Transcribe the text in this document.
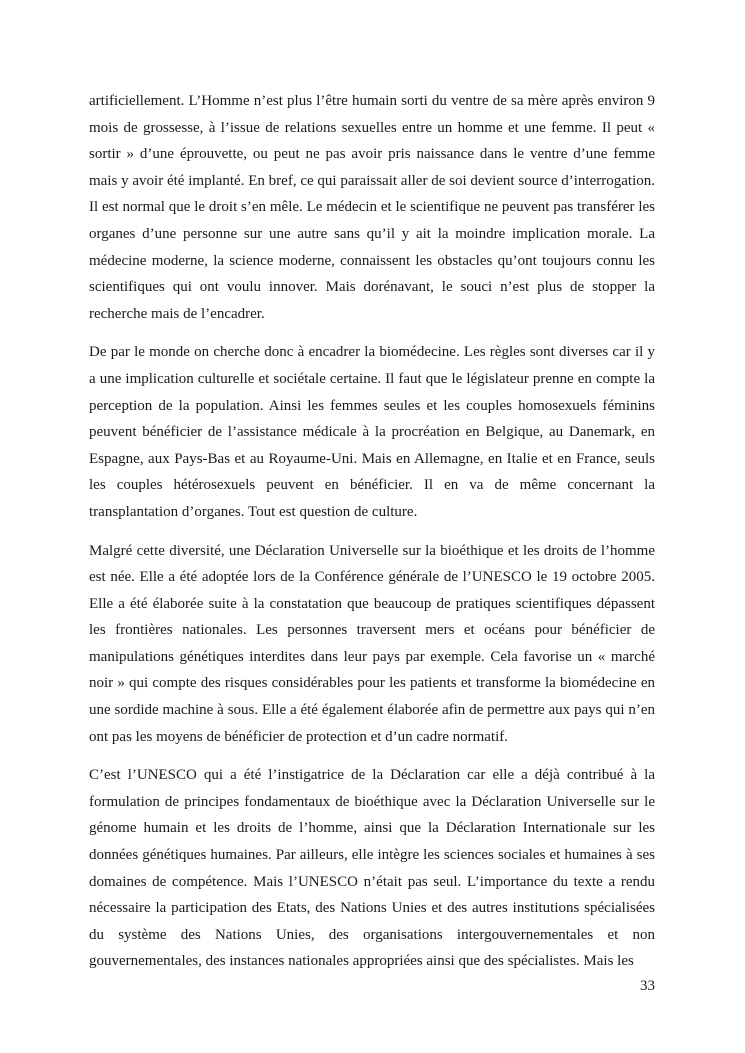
artificiellement. L’Homme n’est plus l’être humain sorti du ventre de sa mère après environ 9 mois de grossesse, à l’issue de relations sexuelles entre un homme et une femme. Il peut « sortir » d’une éprouvette, ou peut ne pas avoir pris naissance dans le ventre d’une femme mais y avoir été implanté. En bref, ce qui paraissait aller de soi devient source d’interrogation. Il est normal que le droit s’en mêle. Le médecin et le scientifique ne peuvent pas transférer les organes d’une personne sur une autre sans qu’il y ait la moindre implication morale. La médecine moderne, la science moderne, connaissent les obstacles qu’ont toujours connu les scientifiques qui ont voulu innover. Mais dorénavant, le souci n’est plus de stopper la recherche mais de l’encadrer.

De par le monde on cherche donc à encadrer la biomédecine. Les règles sont diverses car il y a une implication culturelle et sociétale certaine. Il faut que le législateur prenne en compte la perception de la population. Ainsi les femmes seules et les couples homosexuels féminins peuvent bénéficier de l’assistance médicale à la procréation en Belgique, au Danemark, en Espagne, aux Pays-Bas et au Royaume-Uni. Mais en Allemagne, en Italie et en France, seuls les couples hétérosexuels peuvent en bénéficier. Il en va de même concernant la transplantation d’organes. Tout est question de culture.

Malgré cette diversité, une Déclaration Universelle sur la bioéthique et les droits de l’homme est née. Elle a été adoptée lors de la Conférence générale de l’UNESCO le 19 octobre 2005. Elle a été élaborée suite à la constatation que beaucoup de pratiques scientifiques dépassent les frontières nationales. Les personnes traversent mers et océans pour bénéficier de manipulations génétiques interdites dans leur pays par exemple. Cela favorise un « marché noir » qui compte des risques considérables pour les patients et transforme la biomédecine en une sordide machine à sous. Elle a été également élaborée afin de permettre aux pays qui n’en ont pas les moyens de bénéficier de protection et d’un cadre normatif.

C’est l’UNESCO qui a été l’instigatrice de la Déclaration car elle a déjà contribué à la formulation de principes fondamentaux de bioéthique avec la Déclaration Universelle sur le génome humain et les droits de l’homme, ainsi que la Déclaration Internationale sur les données génétiques humaines. Par ailleurs, elle intègre les sciences sociales et humaines à ses domaines de compétence. Mais l’UNESCO n’était pas seul. L’importance du texte a rendu nécessaire la participation des Etats, des Nations Unies et des autres institutions spécialisées du système des Nations Unies, des organisations intergouvernementales et non gouvernementales, des instances nationales appropriées ainsi que des spécialistes. Mais les

33
